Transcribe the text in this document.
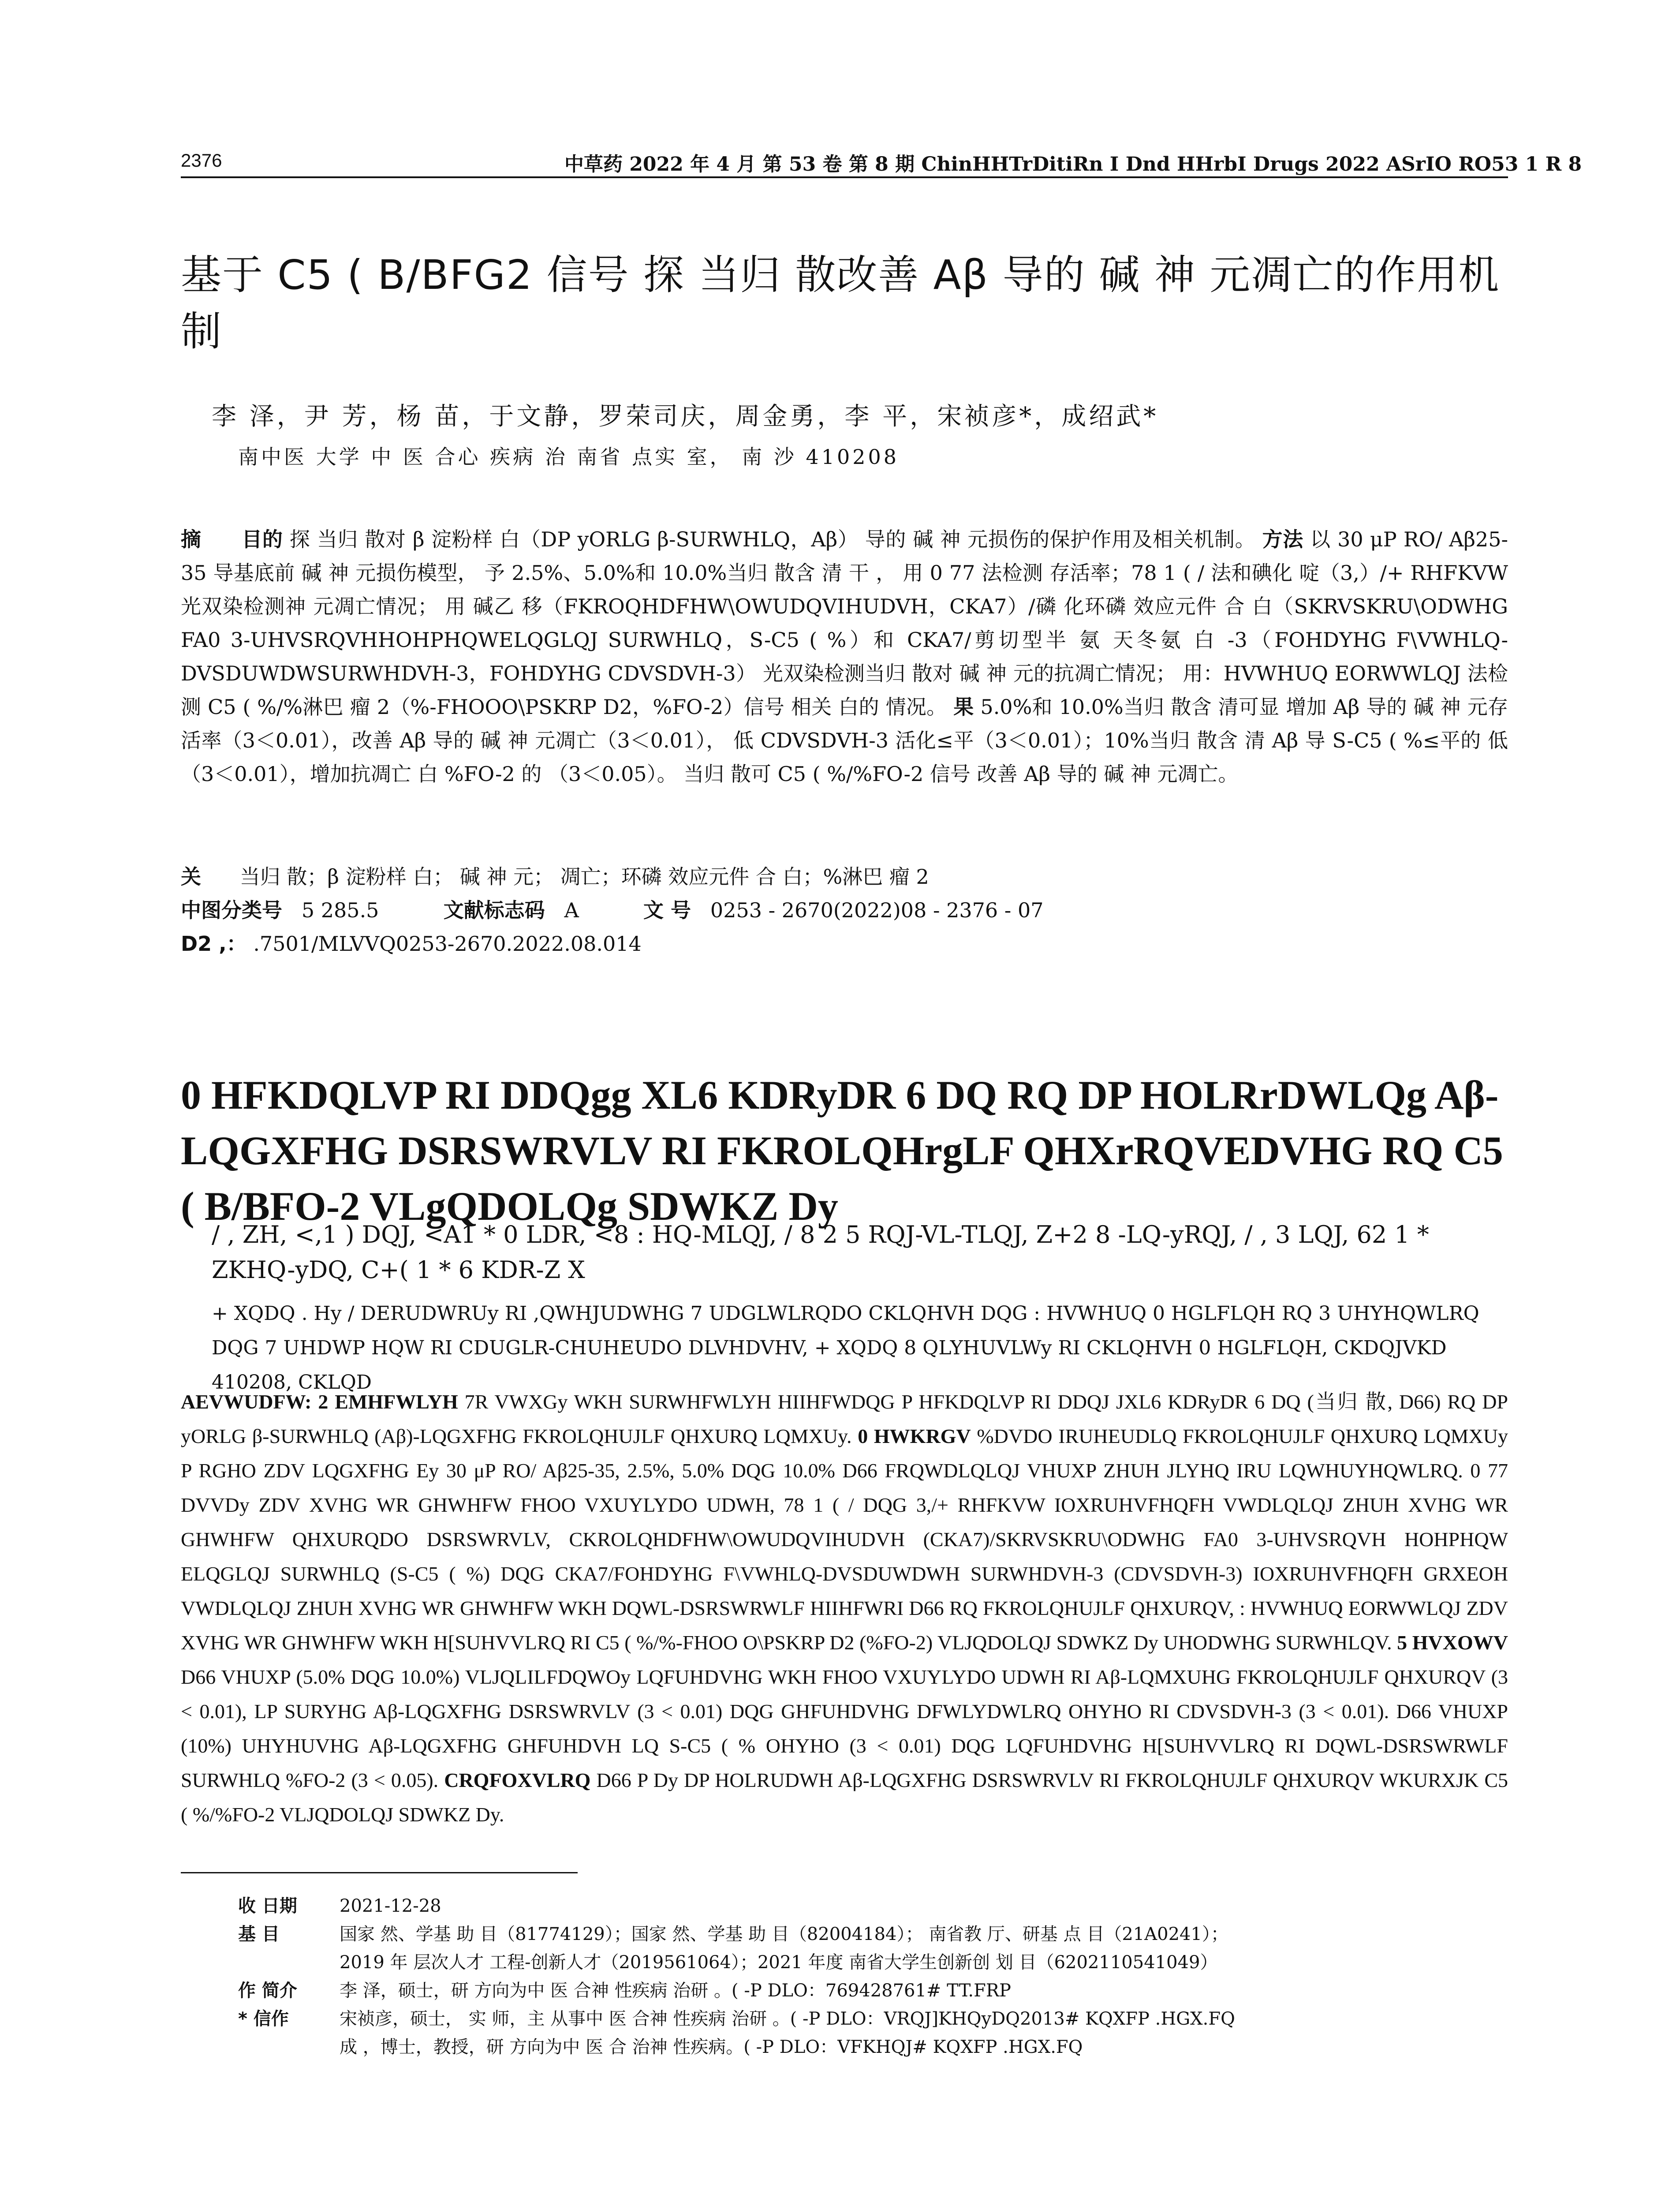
2376	中草药 2022 年 4 月 第 53 卷 第 8 期 ChinHHTrDitiRn I Dnd HHrbI Drugs 2022 ASrIO RO53 1 R 8
基于 C5 ( B/BFG2 信号 探 当归 散改善 Aβ 导的 碱 神 元凋亡的作用机制
李 泽，尹 芳，杨 苗，于文静，罗荣司庆，周金勇，李 平，宋祯彦*，成绍武*
南中医 大学 中 医 合心 疾病 治 南省 点实 室， 南 沙 410208
摘 目的 探 当归 散对 β 淀粉样 白（DP yORLG β-SURWHLQ，Aβ） 导的 碱 神 元损伤的保护作用及相关机制。 方法 以 30 μP RO/ Aβ25-35 导基底前 碱 神 元损伤模型， 予 2.5%、5.0%和 10.0%当归 散含 清 干 ， 用 0 77 法检测 存活率；78 1 ( / 法和碘化 啶（3,）/+ RHFKVW 光双染检测神 元凋亡情况； 用 碱乙 移（FKROQHDFHW\OWUDQVIHUDVH，CKA7）/磷 化环磷 效应元件 合 白（SKRVSKRU\ODWHG FA0 3-UHVSRQVHHOHPHQWELQGLQJ SURWHLQ，S-C5 ( %）和 CKA7/剪切型半 氨 天冬氨 白 -3（FOHDYHG F\VWHLQ-DVSDUWDWSURWHDVH-3，FOHDYHG CDVSDVH-3） 光双染检测当归 散对 碱 神 元的抗凋亡情况； 用：HVWHUQ EORWWLQJ 法检测 C5 ( %/%淋巴 瘤 2（%-FHOOO\PSKRP D2，%FO-2）信号 相关 白的 情况。 果 5.0%和 10.0%当归 散含 清可显 增加 Aβ 导的 碱 神 元存活率（3＜0.01），改善 Aβ 导的 碱 神 元凋亡（3＜0.01）， 低 CDVSDVH-3 活化≤平（3＜0.01）；10%当归 散含 清 Aβ 导 S-C5 ( %≤平的 低（3＜0.01），增加抗凋亡 白 %FO-2 的 （3＜0.05）。 当归 散可 C5 ( %/%FO-2 信号 改善 Aβ 导的 碱 神 元凋亡。
关 当归 散；β 淀粉样 白； 碱 神 元； 凋亡；环磷 效应元件 合 白；%淋巴 瘤 2
中图分类号 5 285.5	文献标志码 A	文 号 0253 - 2670(2022)08 - 2376 - 07
D2 ,： .7501/MLVVQ0253-2670.2022.08.014
0 HFKDQLVP RI DDQgg XL6 KDRyDR 6 DQ RQ DP HOLRrDWLQg Aβ-LQGXFHG DSRSWRVLV RI FKROLQHrgLF QHXrRQVEDVHG RQ C5 ( B/BFO-2 VLgQDOLQg SDWKZ Dy
/ , ZH, <,1 ) DQJ, <A1 * 0 LDR, <8 : HQ-MLQJ, / 8 2 5 RQJ-VL-TLQJ, Z+2 8 -LQ-yRQJ, / , 3 LQJ, 62 1 * ZKHQ-yDQ, C+( 1 * 6 KDR-Z X
+ XQDQ . Hy / DERUDWRUy RI ,QWHJUDWHG 7 UDGLWLRQDO CKLQHVH DQG : HVWHUQ 0 HGLFLQH RQ 3 UHYHQWLRQ DQG 7 UHDWP HQW RI CDUGLR-CHUHEUDO DLVHDVHV, + XQDQ 8 QLYHUVLWy RI CKLQHVH 0 HGLFLQH, CKDQJVKD 410208, CKLQD
AEVWUDFW: 2 EMHFWLYH 7R VWXGy WKH SURWHFWLYH HIIHFWDQG P HFKDQLVP RI DDQJ JXL6 KDRyDR 6 DQ (当归 散, D66) RQ DP yORLG β-SURWHLQ (Aβ)-LQGXFHG FKROLQHUJLF QHXURQ LQMXUy. 0 HWKRGV %DVDO IRUHEUDLQ FKROLQHUJLF QHXURQ LQMXUy P RGHO ZDV LQGXFHG Ey 30 μP RO/ Aβ25-35, 2.5%, 5.0% DQG 10.0% D66 FRQWDLQLQJ VHUXP ZHUH JLYHQ IRU LQWHUYHQWLRQ. 0 77 DVVDy ZDV XVHG WR GHWHFW FHOO VXUYLYDO UDWH, 78 1 ( / DQG 3,/+ RHFKVW IOXRUHVFHQFH VWDLQLQJ ZHUH XVHG WR GHWHFW QHXURQDO DSRSWRVLV, CKROLQHDFHW\OWUDQVIHUDVH (CKA7)/SKRVSKRU\ODWHG FA0 3-UHVSRQVH HOHPHQW ELQGLQJ SURWHLQ (S-C5 ( %) DQG CKA7/FOHDYHG F\VWHLQ-DVSDUWDWH SURWHDVH-3 (CDVSDVH-3) IOXRUHVFHQFH GRXEOH VWDLQLQJ ZHUH XVHG WR GHWHFW WKH DQWL-DSRSWRWLF HIIHFWRI D66 RQ FKROLQHUJLF QHXURQV, : HVWHUQ EORWWLQJ ZDV XVHG WR GHWHFW WKH H[SUHVVLRQ RI C5 ( %/%-FHOO O\PSKRP D2 (%FO-2) VLJQDOLQJ SDWKZ Dy UHODWHG SURWHLQV. 5 HVXOWV D66 VHUXP (5.0% DQG 10.0%) VLJQLILFDQWOy LQFUHDVHG WKH FHOO VXUYLYDO UDWH RI Aβ-LQMXUHG FKROLQHUJLF QHXURQV (3 < 0.01), LP SURYHG Aβ-LQGXFHG DSRSWRVLV (3 < 0.01) DQG GHFUHDVHG DFWLYDWLRQ OHYHO RI CDVSDVH-3 (3 < 0.01). D66 VHUXP (10%) UHYHUVHG Aβ-LQGXFHG GHFUHDVH LQ S-C5 ( % OHYHO (3 < 0.01) DQG LQFUHDVHG H[SUHVVLRQ RI DQWL-DSRSWRWLF SURWHLQ %FO-2 (3 < 0.05). CRQFOXVLRQ D66 P Dy DP HOLRUDWH Aβ-LQGXFHG DSRSWRVLV RI FKROLQHUJLF QHXURQV WKURXJK C5 ( %/%FO-2 VLJQDOLQJ SDWKZ Dy.
收 日期	2021-12-28
基 目	国家 然、学基 助 目（81774129）；国家 然、学基 助 目（82004184）； 南省教 厅、研基 点 目（21A0241）；
2019 年 层次人才 工程-创新人才（2019561064）；2021 年度 南省大学生创新创 划 目（6202110541049）
作 简介	李 泽，硕士，研 方向为中 医 合神 性疾病 治研 。( -P DLO：769428761# TT.FRP
* 信作	宋祯彦，硕士， 实 师，主 从事中 医 合神 性疾病 治研 。( -P DLO：VRQJ]KHQyDQ2013# KQXFP .HGX.FQ
成 ，博士，教授，研 方向为中 医 合 治神 性疾病。( -P DLO：VFKHQJ# KQXFP .HGX.FQ
